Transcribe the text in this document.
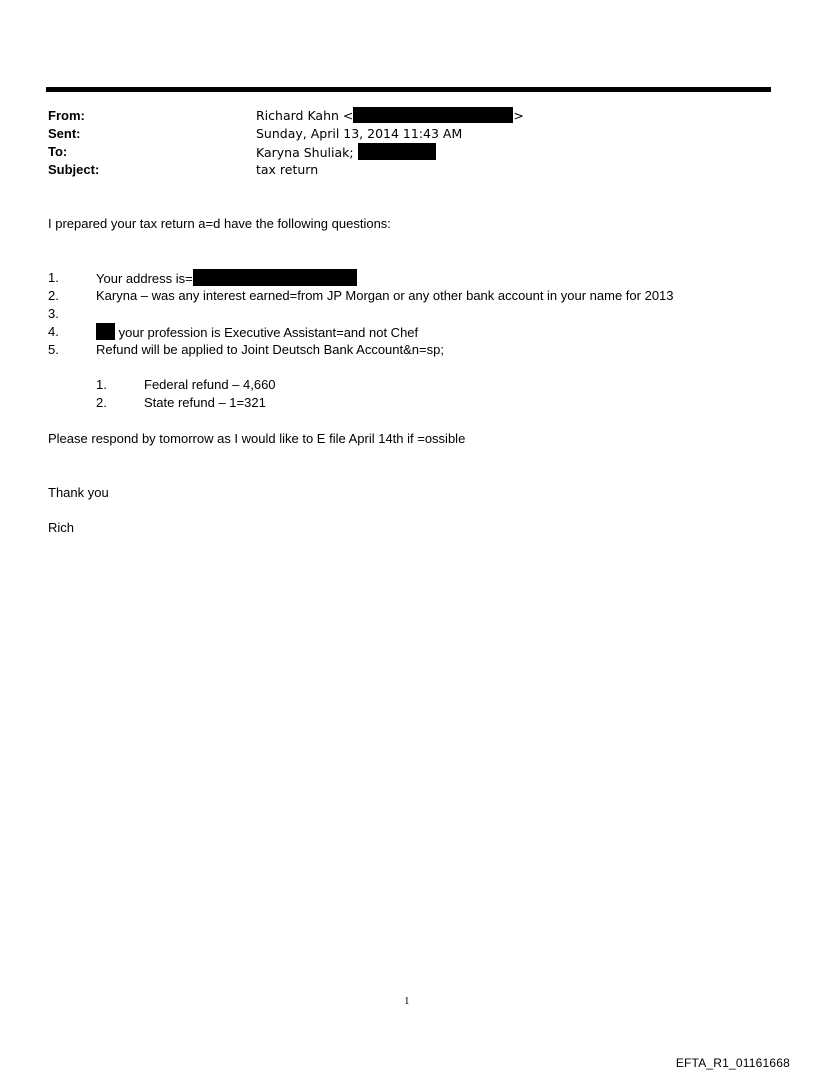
From:	Richard Kahn <	>
Sent:	Sunday, April 13, 2014 11:43 AM
To:	Karyna Shuliak;
Subject:	tax return
I prepared your tax return a=d have the following questions:
1.	Your address is=
2.	Karyna – was any interest earned=from JP Morgan or any other bank account in your name for 2013
3.
4.	your profession is Executive Assistant=and not Chef
5.	Refund will be applied to Joint Deutsch Bank Account&n=sp;
1.	Federal refund – 4,660
2.	State refund – 1=321
Please respond by tomorrow as I would like to E file April 14th if =ossible
Thank you
Rich
1
EFTA_R1_01161668
